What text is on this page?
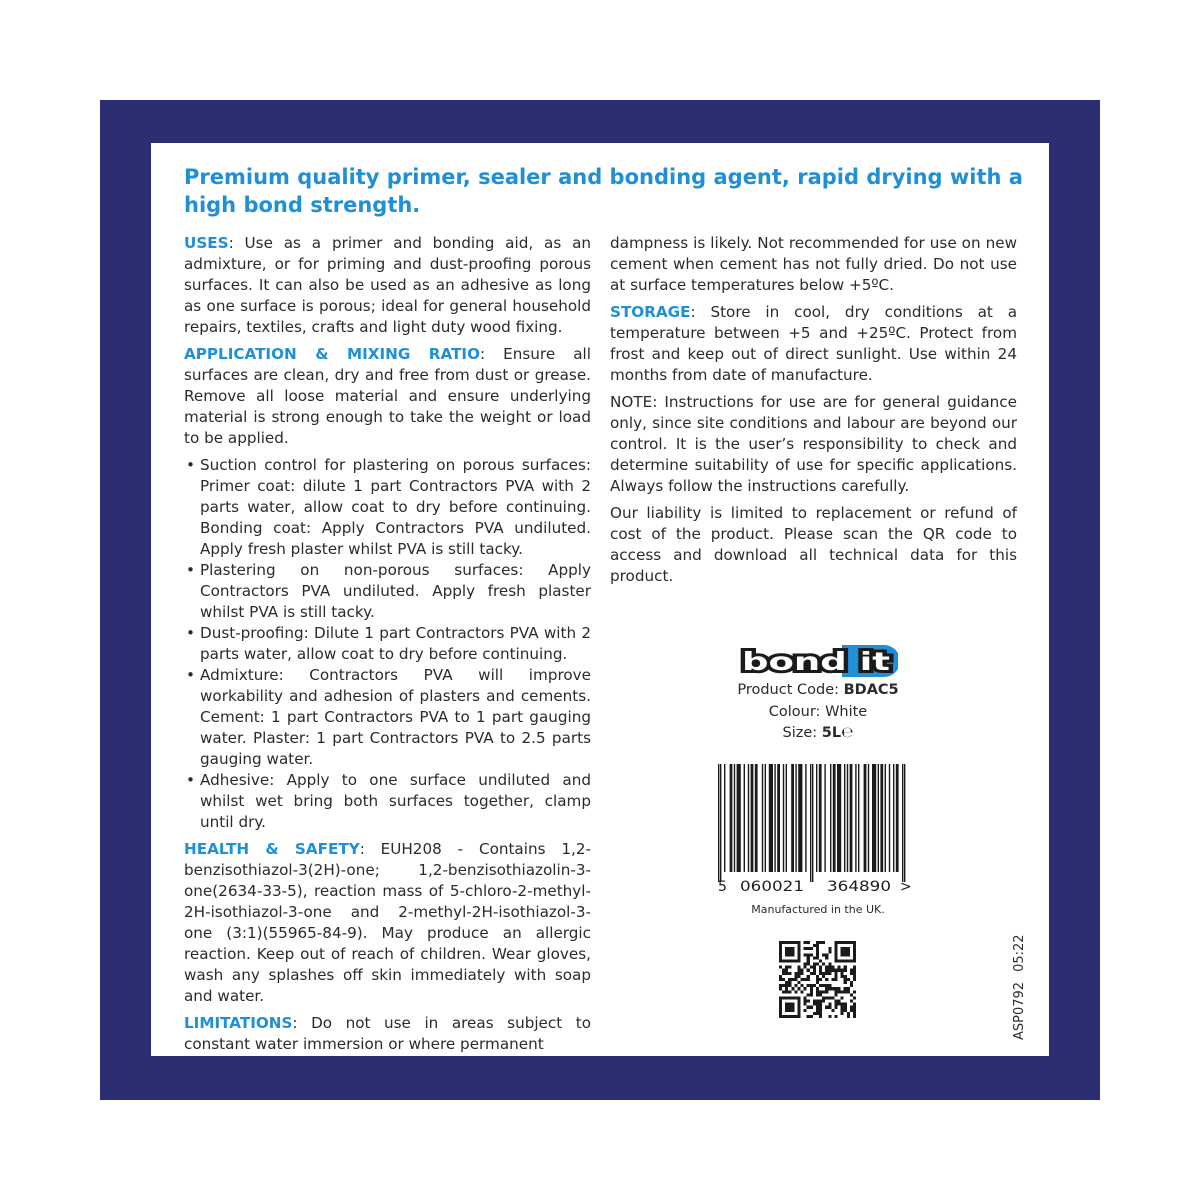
Premium quality primer, sealer and bonding agent, rapid drying with a high bond strength.

USES: Use as a primer and bonding aid, as an admixture, or for priming and dust-proofing porous surfaces. It can also be used as an adhesive as long as one surface is porous; ideal for general household repairs, textiles, crafts and light duty wood fixing.

APPLICATION & MIXING RATIO: Ensure all surfaces are clean, dry and free from dust or grease. Remove all loose material and ensure underlying material is strong enough to take the weight or load to be applied.

• Suction control for plastering on porous surfaces: Primer coat: dilute 1 part Contractors PVA with 2 parts water, allow coat to dry before continuing. Bonding coat: Apply Contractors PVA undiluted. Apply fresh plaster whilst PVA is still tacky.
• Plastering on non-porous surfaces: Apply Contractors PVA undiluted. Apply fresh plaster whilst PVA is still tacky.
• Dust-proofing: Dilute 1 part Contractors PVA with 2 parts water, allow coat to dry before continuing.
• Admixture: Contractors PVA will improve workability and adhesion of plasters and cements. Cement: 1 part Contractors PVA to 1 part gauging water. Plaster: 1 part Contractors PVA to 2.5 parts gauging water.
• Adhesive: Apply to one surface undiluted and whilst wet bring both surfaces together, clamp until dry.

HEALTH & SAFETY: EUH208 - Contains 1,2-benzisothiazol-3(2H)-one; 1,2-benzisothiazolin-3-one(2634-33-5), reaction mass of 5-chloro-2-methyl-2H-isothiazol-3-one and 2-methyl-2H-isothiazol-3-one (3:1)(55965-84-9). May produce an allergic reaction. Keep out of reach of children. Wear gloves, wash any splashes off skin immediately with soap and water.

LIMITATIONS: Do not use in areas subject to constant water immersion or where permanent

dampness is likely. Not recommended for use on new cement when cement has not fully dried. Do not use at surface temperatures below +5ºC.

STORAGE: Store in cool, dry conditions at a temperature between +5 and +25ºC. Protect from frost and keep out of direct sunlight. Use within 24 months from date of manufacture.

NOTE: Instructions for use are for general guidance only, since site conditions and labour are beyond our control. It is the user’s responsibility to check and determine suitability of use for specific applications. Always follow the instructions carefully.

Our liability is limited to replacement or refund of cost of the product. Please scan the QR code to access and download all technical data for this product.

bond it
Product Code: BDAC5
Colour: White
Size: 5L℮
5 060021 364890 >
Manufactured in the UK.
ASP079205:22
